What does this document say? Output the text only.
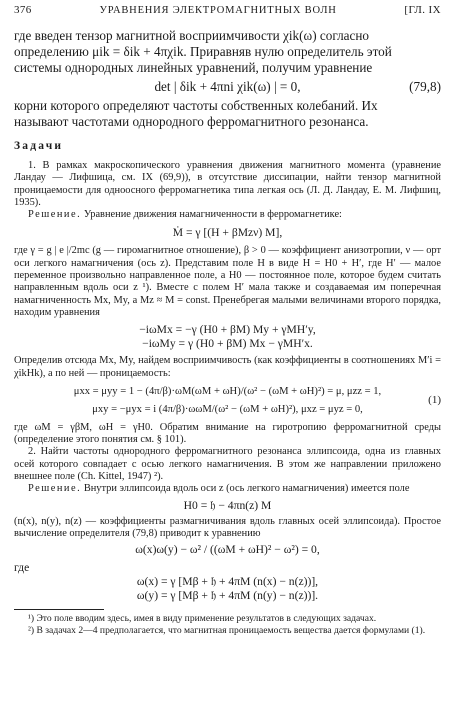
376	УРАВНЕНИЯ ЭЛЕКТРОМАГНИТНЫХ ВОЛН	[ГЛ. IX

где введен тензор магнитной восприимчивости χik(ω) согласно

определению μik = δik + 4πχik. Приравняв нулю определитель этой

системы однородных линейных уравнений, получим уравнение

det | δik + 4πni χik(ω) | = 0,	(79,8)

корни которого определяют частоты собственных колебаний. Их

называют частотами однородного ферромагнитного резонанса.

Задачи

1. В рамках макроскопического уравнения движения магнитного момента (уравнение Ландау — Лифшица, см. IX (69,9)), в отсутствие диссипации, найти тензор магнитной проницаемости для одноосного ферромагнетика типа легкая ось (Л. Д. Ландау, Е. М. Лифшиц, 1935).

Решение. Уравнение движения намагниченности в ферромагнетике:

Ṁ = γ [(H + βMzν) M],

где γ = g | e |/2mc (g — гиромагнитное отношение), β > 0 — коэффициент анизотропии, ν — орт оси легкого намагничения (ось z). Представим поле H в виде H = H0 + H′, где H′ — малое переменное произвольно направленное поле, а H0 — постоянное поле, которое будем считать направленным вдоль оси z ¹). Вместе с полем H′ мала также и создаваемая им поперечная намагниченность Mx, My, а Mz ≈ M = const. Пренебрегая малыми величинами второго порядка, находим уравнения

−iωMx = −γ (H0 + βM) My + γMH′y,
−iωMy = γ (H0 + βM) Mx − γMH′x.

Определив отсюда Mx, My, найдем восприимчивость (как коэффициенты в соотношениях M′i = χikHk), а по ней — проницаемость:

μxx = μyy = 1 − (4π/β)·ωM(ωM + ωH)/(ω² − (ωM + ωH)²) = μ, μzz = 1,
μxy = −μyx = i (4π/β)·ωωM/(ω² − (ωM + ωH)²), μxz = μyz = 0,
(1)

где ωM = γβM, ωH = γH0. Обратим внимание на гиротропию ферромагнитной среды (определение этого понятия см. § 101).

2. Найти частоты однородного ферромагнитного резонанса эллипсоида, одна из главных осей которого совпадает с осью легкого намагничения. В этом же направлении приложено внешнее поле (Ch. Kittel, 1947) ²).

Решение. Внутри эллипсоида вдоль оси z (ось легкого намагничения) имеется поле

H0 = 𝔥 − 4πn(z) M

(n(x), n(y), n(z) — коэффициенты размагничивания вдоль главных осей эллипсоида). Простое вычисление определителя (79,8) приводит к уравнению

ω(x)ω(y) − ω² / ((ωM + ωH)² − ω²) = 0,
где
ω(x) = γ [Mβ + 𝔥 + 4πM (n(x) − n(z))],
ω(y) = γ [Mβ + 𝔥 + 4πM (n(y) − n(z))].

¹) Это поле вводим здесь, имея в виду применение результатов в следующих задачах.

²) В задачах 2—4 предполагается, что магнитная проницаемость вещества дается формулами (1).
